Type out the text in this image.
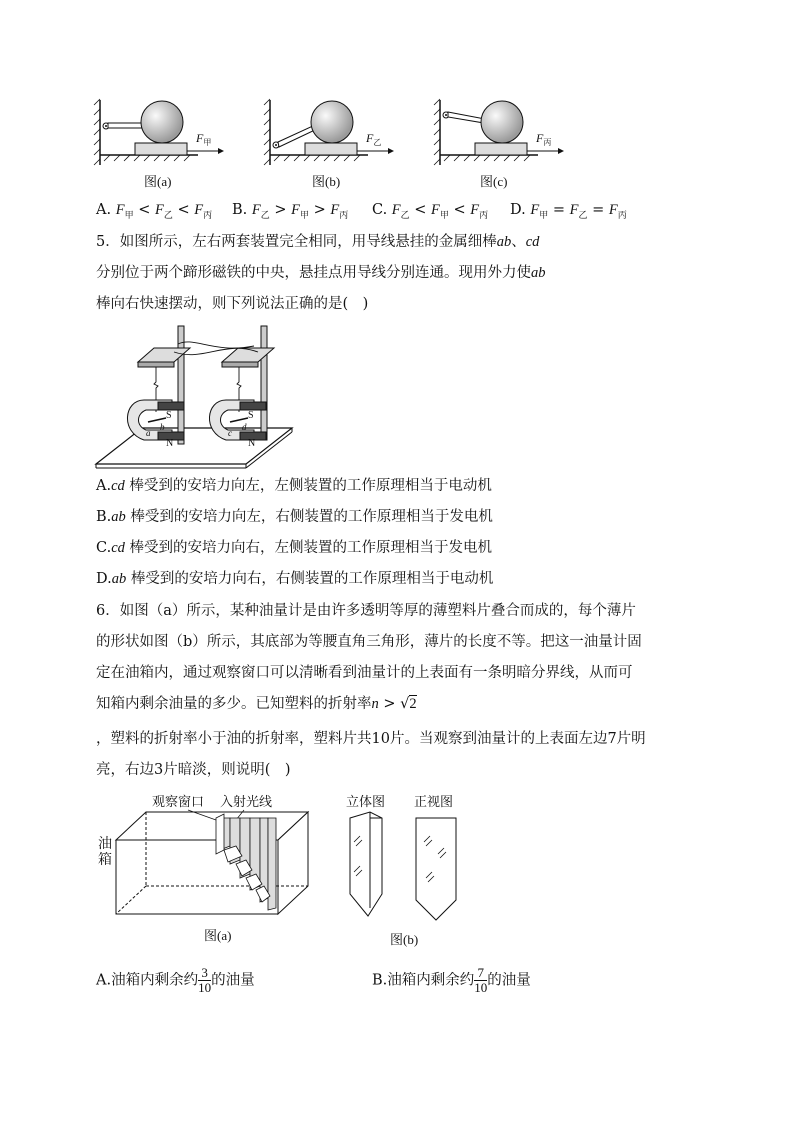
$F_甲$	$F_乙$	$F_丙$
图(a)	图(b)	图(c)
A. $F_甲 < F_乙 < F_丙$ B. $F_乙 > F_甲 > F_丙$ C. $F_乙 < F_甲 < F_丙$ D. $F_甲 = F_乙 = F_丙$
5．如图所示，左右两套装置完全相同，用导线悬挂的金属细棒ab、cd
分别位于两个蹄形磁铁的中央，悬挂点用导线分别连通。现用外力使ab
棒向右快速摆动，则下列说法正确的是(　)
S
N
S
N
b
a
d
c
A.cd 棒受到的安培力向左，左侧装置的工作原理相当于电动机
B.ab 棒受到的安培力向左，右侧装置的工作原理相当于发电机
C.cd 棒受到的安培力向右，左侧装置的工作原理相当于发电机
D.ab 棒受到的安培力向右，右侧装置的工作原理相当于电动机
6．如图（a）所示，某种油量计是由许多透明等厚的薄塑料片叠合而成的，每个薄片
的形状如图（b）所示，其底部为等腰直角三角形，薄片的长度不等。把这一油量计固
定在油箱内，通过观察窗口可以清晰看到油量计的上表面有一条明暗分界线，从而可
知箱内剩余油量的多少。已知塑料的折射率n > √2
，塑料的折射率小于油的折射率，塑料片共10片。当观察到油量计的上表面左边7片明
亮，右边3片暗淡，则说明(　)
观察窗口 入射光线
油
箱
图(a)
立体图 正视图
图(b)
A.油箱内剩余约 $\frac{3}{10}$ 的油量	B.油箱内剩余约 $\frac{7}{10}$ 的油量
